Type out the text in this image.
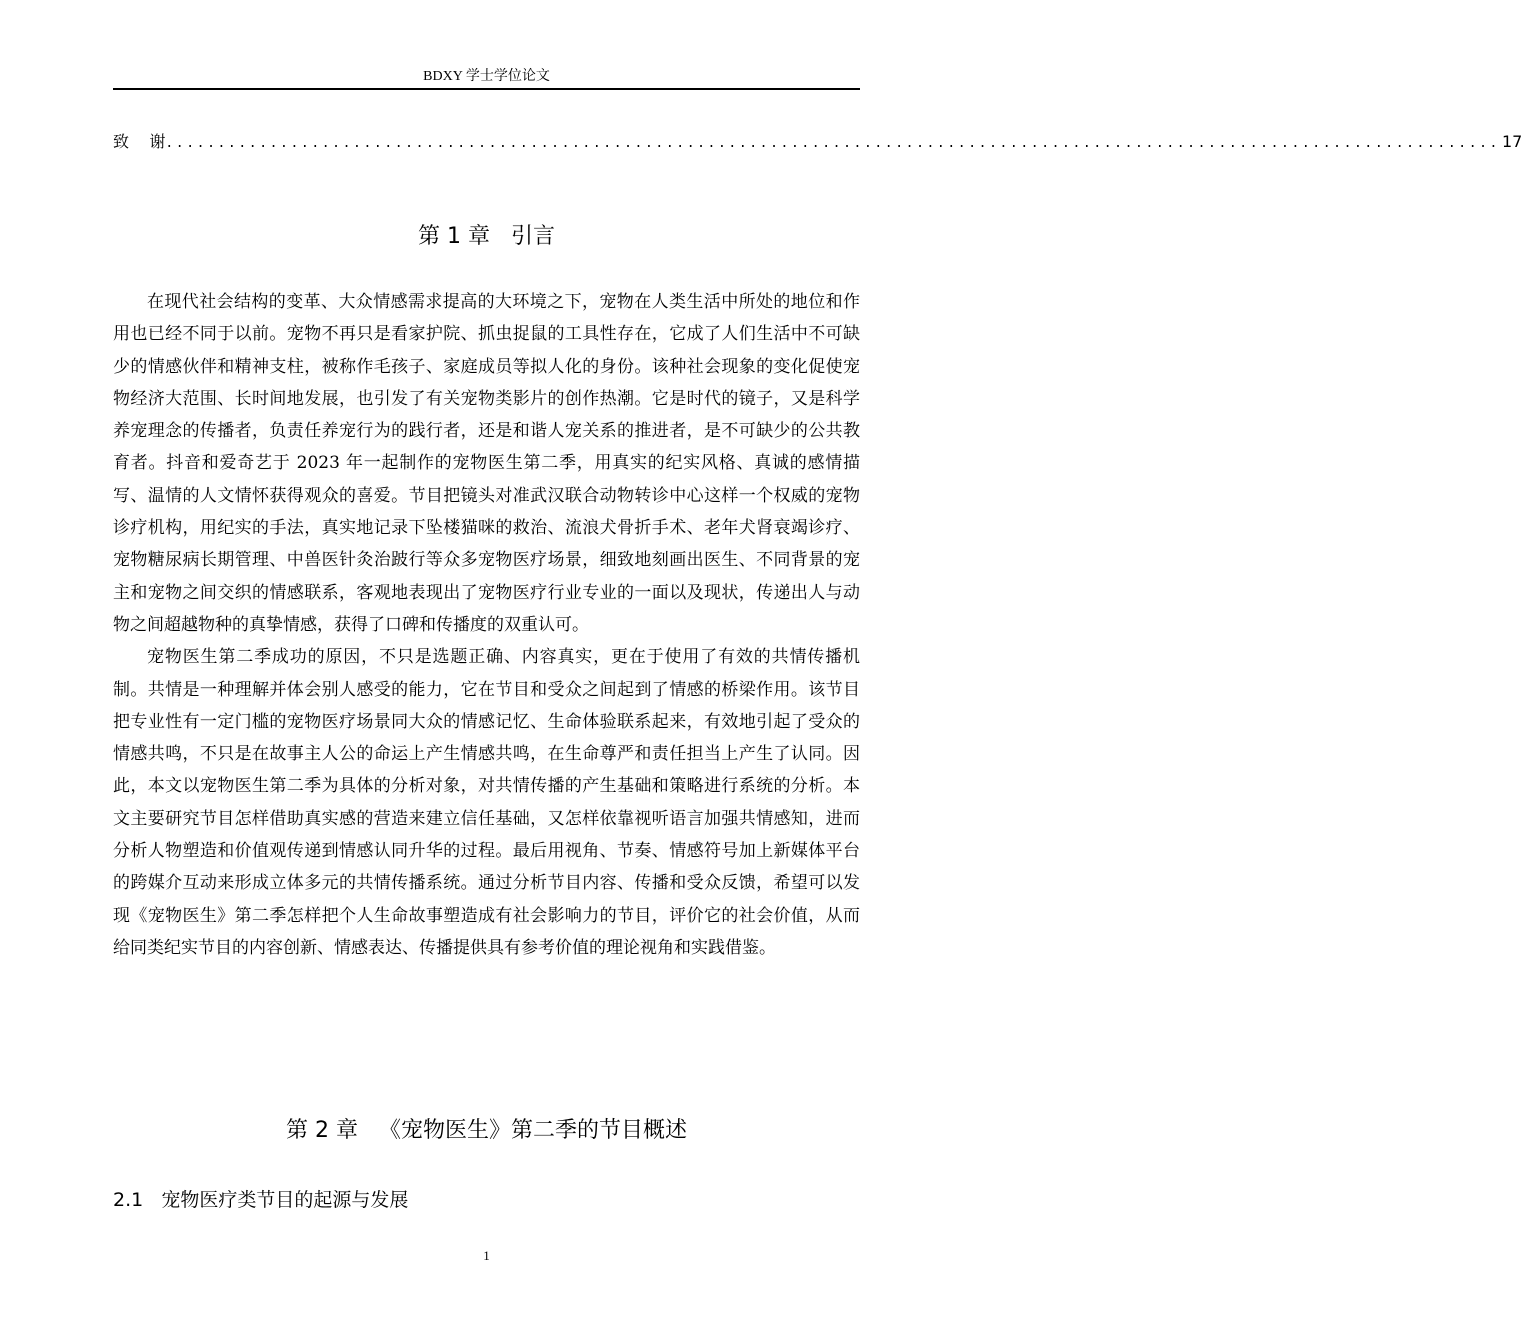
BDXY 学士学位论文
致    谢 ................................................................................................................................ 17
第 1 章   引言

在现代社会结构的变革、大众情感需求提高的大环境之下，宠物在人类生活中所处的地位和作用也已经不同于以前。宠物不再只是看家护院、抓虫捉鼠的工具性存在，它成了人们生活中不可缺少的情感伙伴和精神支柱，被称作毛孩子、家庭成员等拟人化的身份。该种社会现象的变化促使宠物经济大范围、长时间地发展，也引发了有关宠物类影片的创作热潮。它是时代的镜子，又是科学养宠理念的传播者，负责任养宠行为的践行者，还是和谐人宠关系的推进者，是不可缺少的公共教育者。抖音和爱奇艺于 2023 年一起制作的宠物医生第二季，用真实的纪实风格、真诚的感情描写、温情的人文情怀获得观众的喜爱。节目把镜头对准武汉联合动物转诊中心这样一个权威的宠物诊疗机构，用纪实的手法，真实地记录下坠楼猫咪的救治、流浪犬骨折手术、老年犬肾衰竭诊疗、宠物糖尿病长期管理、中兽医针灸治跛行等众多宠物医疗场景，细致地刻画出医生、不同背景的宠主和宠物之间交织的情感联系，客观地表现出了宠物医疗行业专业的一面以及现状，传递出人与动物之间超越物种的真挚情感，获得了口碑和传播度的双重认可。

宠物医生第二季成功的原因，不只是选题正确、内容真实，更在于使用了有效的共情传播机制。共情是一种理解并体会别人感受的能力，它在节目和受众之间起到了情感的桥梁作用。该节目把专业性有一定门槛的宠物医疗场景同大众的情感记忆、生命体验联系起来，有效地引起了受众的情感共鸣，不只是在故事主人公的命运上产生情感共鸣，在生命尊严和责任担当上产生了认同。因此，本文以宠物医生第二季为具体的分析对象，对共情传播的产生基础和策略进行系统的分析。本文主要研究节目怎样借助真实感的营造来建立信任基础，又怎样依靠视听语言加强共情感知，进而分析人物塑造和价值观传递到情感认同升华的过程。最后用视角、节奏、情感符号加上新媒体平台的跨媒介互动来形成立体多元的共情传播系统。通过分析节目内容、传播和受众反馈，希望可以发现《宠物医生》第二季怎样把个人生命故事塑造成有社会影响力的节目，评价它的社会价值，从而给同类纪实节目的内容创新、情感表达、传播提供具有参考价值的理论视角和实践借鉴。

第 2 章   《宠物医生》第二季的节目概述
2.1   宠物医疗类节目的起源与发展
1
